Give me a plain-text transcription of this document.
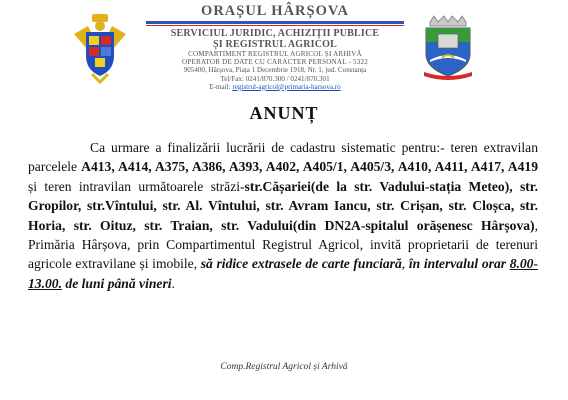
ORAȘUL HÂRȘOVA
SERVICIUL JURIDIC, ACHIZIȚII PUBLICE
ȘI REGISTRUL AGRICOL
COMPARTIMENT REGISTRUL AGRICOL ȘI ARHIVĂ
OPERATOR DE DATE CU CARACTER PERSONAL - 5322
905400, Hârșova, Piața 1 Decembrie 1918, Nr. 1, jud. Constanța
Tel/Fax: 0241/870.300 / 0241/870.301
E-mail: registrul-agricol@primaria-harsova.ro
ANUNȚ

Ca urmare a finalizării lucrării de cadastru sistematic pentru:- teren extravilan parcelele A413, A414, A375, A386, A393, A402, A405/1, A405/3, A410, A411, A417, A419 și teren intravilan următoarele străzi-str.Cășariei(de la str. Vadului-stația Meteo), str. Gropilor, str.Vîntului, str. Al. Vîntului, str. Avram Iancu, str. Crișan, str. Cloșca, str. Horia, str. Oituz, str. Traian, str. Vadului(din DN2A-spitalul orășenesc Hârșova), Primăria Hârșova, prin Compartimentul Registrul Agricol, invită proprietarii de terenuri agricole extravilane și imobile, să ridice extrasele de carte funciară, în intervalul orar 8.00-13.00. de luni până vineri.

Comp.Registrul Agricol și Arhivă
